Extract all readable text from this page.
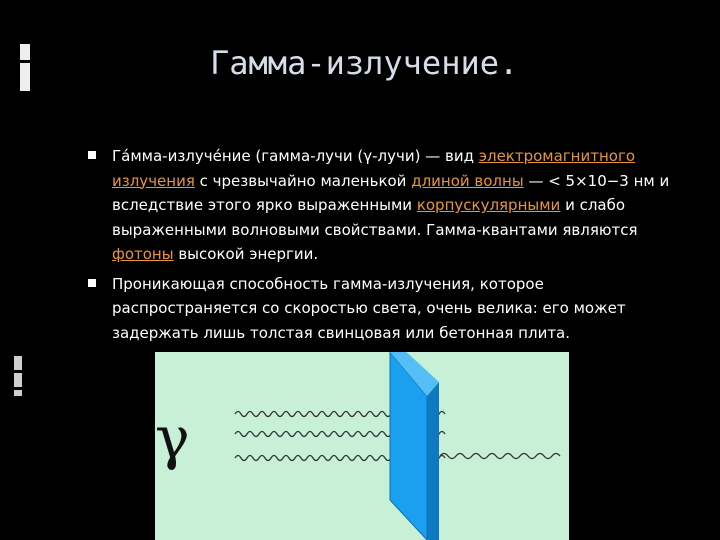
Гамма-излучение.
Га́мма-излуче́ние (гамма-лучи (γ-лучи) — вид электромагнитного излучения с чрезвычайно маленькой длиной волны — < 5×10−3 нм и вследствие этого ярко выраженными корпускулярными и слабо выраженными волновыми свойствами. Гамма-квантами являются фотоны высокой энергии.
Проникающая способность гамма-излучения, которое распространяется со скоростью света, очень велика: его может задержать лишь толстая свинцовая или бетонная плита.
γ
